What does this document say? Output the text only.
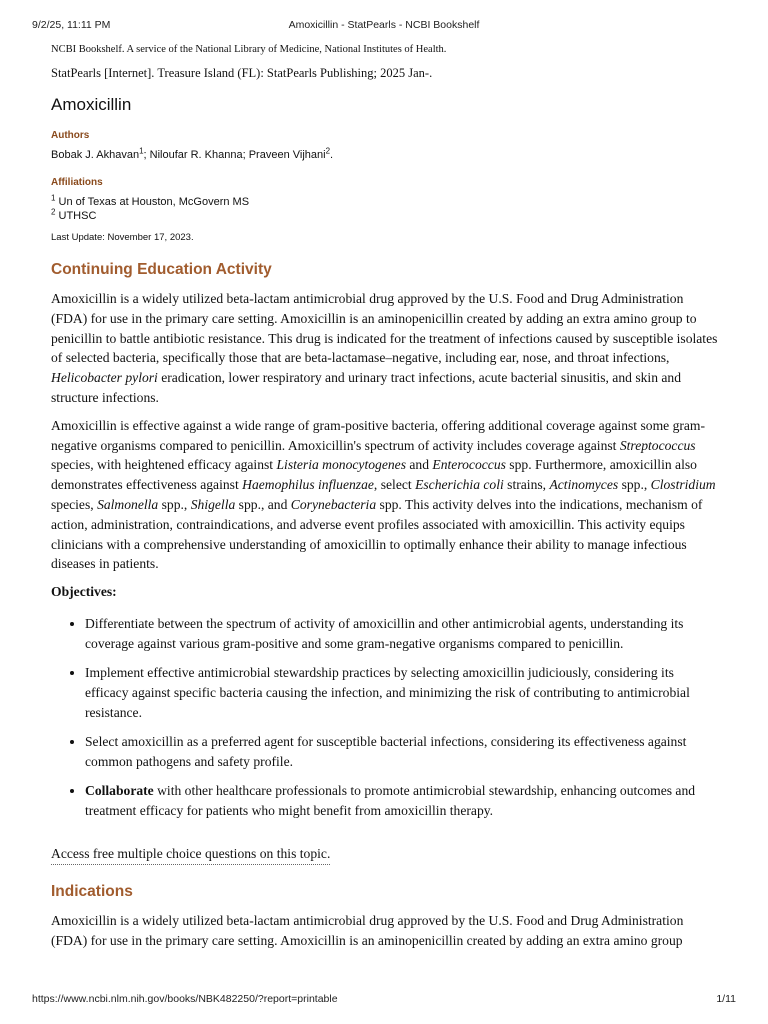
9/2/25, 11:11 PM	Amoxicillin - StatPearls - NCBI Bookshelf

NCBI Bookshelf. A service of the National Library of Medicine, National Institutes of Health.

StatPearls [Internet]. Treasure Island (FL): StatPearls Publishing; 2025 Jan-.

Amoxicillin

Authors

Bobak J. Akhavan$^1$; Niloufar R. Khanna; Praveen Vijhani$^2$.

Affiliations

$^1$ Un of Texas at Houston, McGovern MS

$^2$ UTHSC

Last Update: November 17, 2023.

Continuing Education Activity

Amoxicillin is a widely utilized beta-lactam antimicrobial drug approved by the U.S. Food and Drug Administration (FDA) for use in the primary care setting. Amoxicillin is an aminopenicillin created by adding an extra amino group to penicillin to battle antibiotic resistance. This drug is indicated for the treatment of infections caused by susceptible isolates of selected bacteria, specifically those that are beta-lactamase–negative, including ear, nose, and throat infections, Helicobacter pylori eradication, lower respiratory and urinary tract infections, acute bacterial sinusitis, and skin and structure infections.

Amoxicillin is effective against a wide range of gram-positive bacteria, offering additional coverage against some gram-negative organisms compared to penicillin. Amoxicillin's spectrum of activity includes coverage against Streptococcus species, with heightened efficacy against Listeria monocytogenes and Enterococcus spp. Furthermore, amoxicillin also demonstrates effectiveness against Haemophilus influenzae, select Escherichia coli strains, Actinomyces spp., Clostridium species, Salmonella spp., Shigella spp., and Corynebacteria spp. This activity delves into the indications, mechanism of action, administration, contraindications, and adverse event profiles associated with amoxicillin. This activity equips clinicians with a comprehensive understanding of amoxicillin to optimally enhance their ability to manage infectious diseases in patients.

Objectives:

• Differentiate between the spectrum of activity of amoxicillin and other antimicrobial agents, understanding its coverage against various gram-positive and some gram-negative organisms compared to penicillin.
• Implement effective antimicrobial stewardship practices by selecting amoxicillin judiciously, considering its efficacy against specific bacteria causing the infection, and minimizing the risk of contributing to antimicrobial resistance.
• Select amoxicillin as a preferred agent for susceptible bacterial infections, considering its effectiveness against common pathogens and safety profile.
• Collaborate with other healthcare professionals to promote antimicrobial stewardship, enhancing outcomes and treatment efficacy for patients who might benefit from amoxicillin therapy.
Access free multiple choice questions on this topic.
Indications

Amoxicillin is a widely utilized beta-lactam antimicrobial drug approved by the U.S. Food and Drug Administration (FDA) for use in the primary care setting. Amoxicillin is an aminopenicillin created by adding an extra amino group

https://www.ncbi.nlm.nih.gov/books/NBK482250/?report=printable	1/11
